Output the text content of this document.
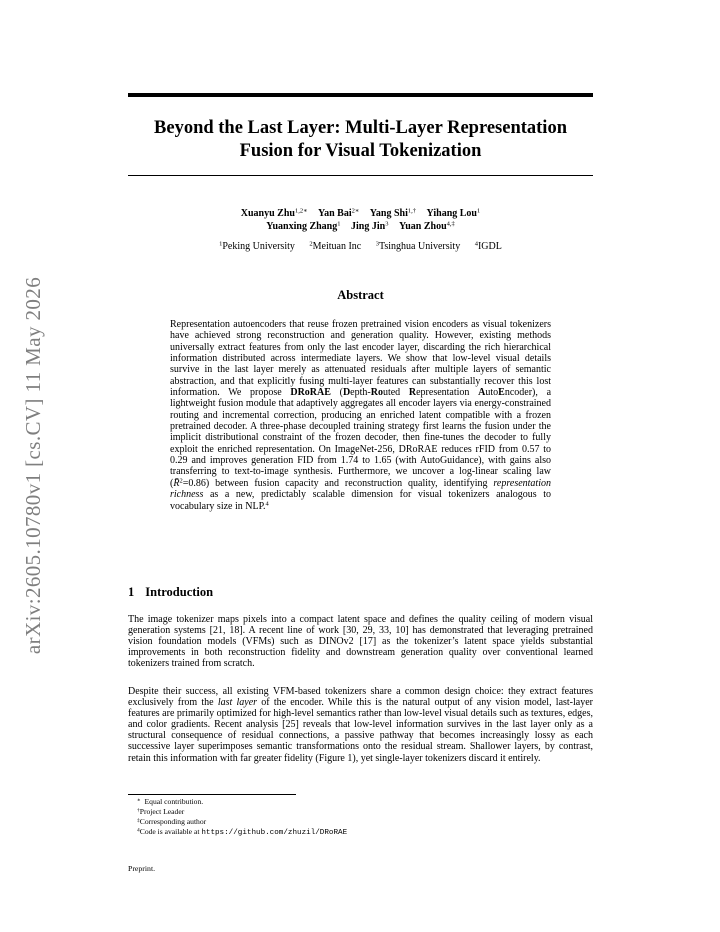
arXiv:2605.10780v1 [cs.CV] 11 May 2026
Beyond the Last Layer: Multi-Layer Representation Fusion for Visual Tokenization
Xuanyu Zhu$^{1,2∗}$ Yan Bai$^{2∗}$ Yang Shi$^{1,\dagger}$ Yihang Lou$^1$
Yuanxing Zhang$^1$ Jing Jin$^3$ Yuan Zhou$^{4,\ddagger}$
$^1$Peking University $^2$Meituan Inc $^3$Tsinghua University $^4$IGDL
Abstract

Representation autoencoders that reuse frozen pretrained vision encoders as visual tokenizers have achieved strong reconstruction and generation quality. However, existing methods universally extract features from only the last encoder layer, discarding the rich hierarchical information distributed across intermediate layers. We show that low-level visual details survive in the last layer merely as attenuated residuals after multiple layers of semantic abstraction, and that explicitly fusing multi-layer features can substantially recover this lost information. We propose DRoRAE (Depth-Routed Representation AutoEncoder), a lightweight fusion module that adaptively aggregates all encoder layers via energy-constrained routing and incremental correction, producing an enriched latent compatible with a frozen pretrained decoder. A three-phase decoupled training strategy first learns the fusion under the implicit distributional constraint of the frozen decoder, then fine-tunes the decoder to fully exploit the enriched representation. On ImageNet-256, DRoRAE reduces rFID from 0.57 to 0.29 and improves generation FID from 1.74 to 1.65 (with AutoGuidance), with gains also transferring to text-to-image synthesis. Furthermore, we uncover a log-linear scaling law (R̄$^2$=0.86) between fusion capacity and reconstruction quality, identifying representation richness as a new, predictably scalable dimension for visual tokenizers analogous to vocabulary size in NLP.$^4$

1 Introduction

The image tokenizer maps pixels into a compact latent space and defines the quality ceiling of modern visual generation systems [21, 18]. A recent line of work [30, 29, 33, 10] has demonstrated that leveraging pretrained vision foundation models (VFMs) such as DINOv2 [17] as the tokenizer’s latent space yields substantial improvements in both reconstruction fidelity and downstream generation quality over conventional learned tokenizers trained from scratch.

Despite their success, all existing VFM-based tokenizers share a common design choice: they extract features exclusively from the last layer of the encoder. While this is the natural output of any vision model, last-layer features are primarily optimized for high-level semantics rather than low-level visual details such as textures, edges, and color gradients. Recent analysis [25] reveals that low-level information survives in the last layer only as a structural consequence of residual connections, a passive pathway that becomes increasingly lossy as each successive layer superimposes semantic transformations onto the residual stream. Shallower layers, by contrast, retain this information with far greater fidelity (Figure 1), yet single-layer tokenizers discard it entirely.

∗ Equal contribution.
†Project Leader
‡Corresponding author
$^4$Code is available at https://github.com/zhuzil/DRoRAE
Preprint.
